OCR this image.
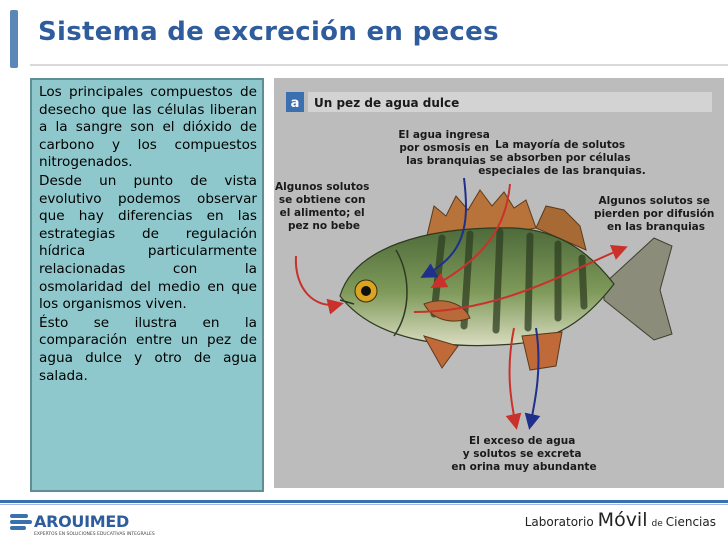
Sistema de excreción en peces

Los principales compuestos de desecho que las células liberan a la sangre son el dióxido de carbono y los compuestos nitrogenados.

Desde un punto de vista evolutivo podemos observar que hay diferencias en las estrategias de regulación hídrica particularmente relacionadas con la osmolaridad del medio en que los organismos viven.

Ésto se ilustra en la comparación entre un pez de agua dulce y otro de agua salada.

a Un pez de agua dulce
El agua ingresa por osmosis en las branquias
La mayoría de solutos se absorben por células especiales de las branquias.
Algunos solutos se obtiene con el alimento; el pez no bebe
Algunos solutos se pierden por difusión en las branquias
El exceso de agua y solutos se excreta en orina muy abundante
AROUIMED
EXPERTOS EN SOLUCIONES EDUCATIVAS INTEGRALES
Laboratorio Móvil de Ciencias
